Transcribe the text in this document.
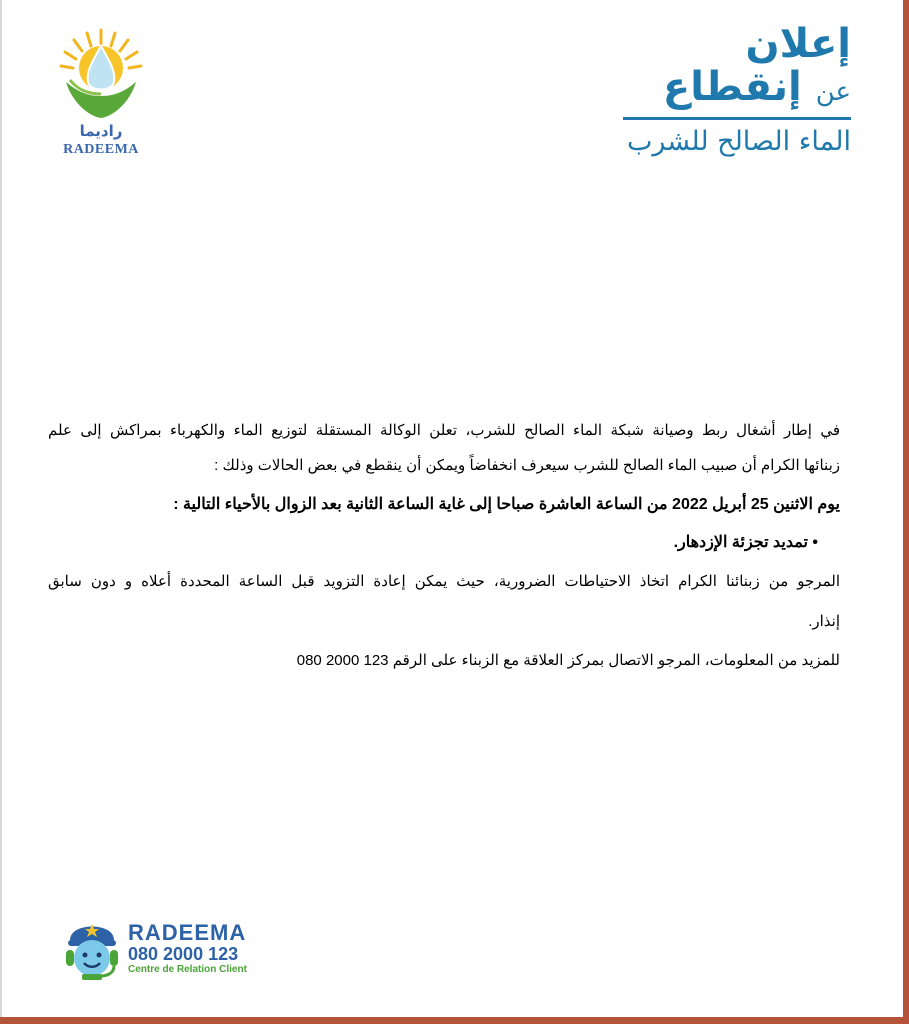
راديما
RADEEMA
إعلان
عن إنقطاع
الماء الصالح للشرب
في إطار أشغال ربط وصيانة شبكة الماء الصالح للشرب، تعلن الوكالة المستقلة لتوزيع الماء والكهرباء بمراكش إلى علم
زبنائها الكرام أن صبيب الماء الصالح للشرب سيعرف انخفاضاً ويمكن أن ينقطع في بعض الحالات وذلك :
يوم الاثنين 25 أبريل 2022 من الساعة العاشرة صباحا إلى غاية الساعة الثانية بعد الزوال بالأحياء التالية :
• تمديد تجزئة الإزدهار.
المرجو من زبنائنا الكرام اتخاذ الاحتياطات الضرورية، حيث يمكن إعادة التزويد قبل الساعة المحددة أعلاه و دون سابق
إنذار.
للمزيد من المعلومات، المرجو الاتصال بمركز العلاقة مع الزبناء على الرقم 123 2000 080
RADEEMA
080 2000 123
Centre de Relation Client
